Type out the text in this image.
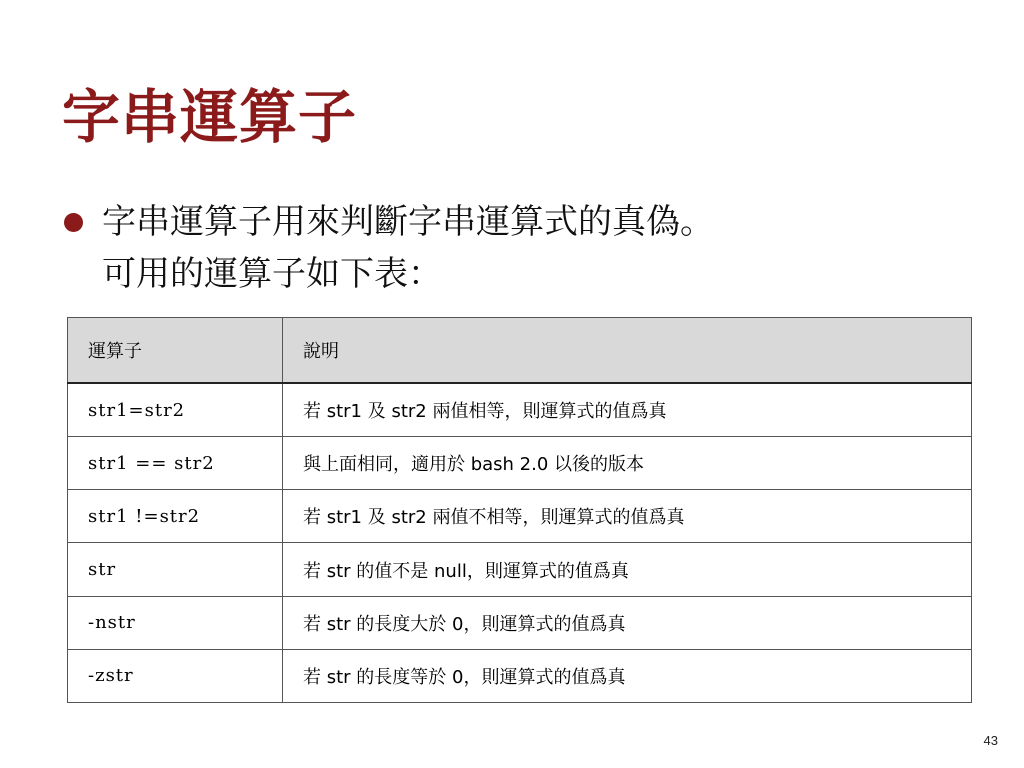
字串運算子
字串運算子用來判斷字串運算式的真偽。
可用的運算子如下表：
運算子	說明
str1=str2	若 str1 及 str2 兩值相等，則運算式的值爲真
str1 == str2	與上面相同，適用於 bash 2.0 以後的版本
str1 !=str2	若 str1 及 str2 兩值不相等，則運算式的值爲真
str	若 str 的值不是 null，則運算式的值爲真
-nstr	若 str 的長度大於 0，則運算式的值爲真
-zstr	若 str 的長度等於 0，則運算式的值爲真
43
